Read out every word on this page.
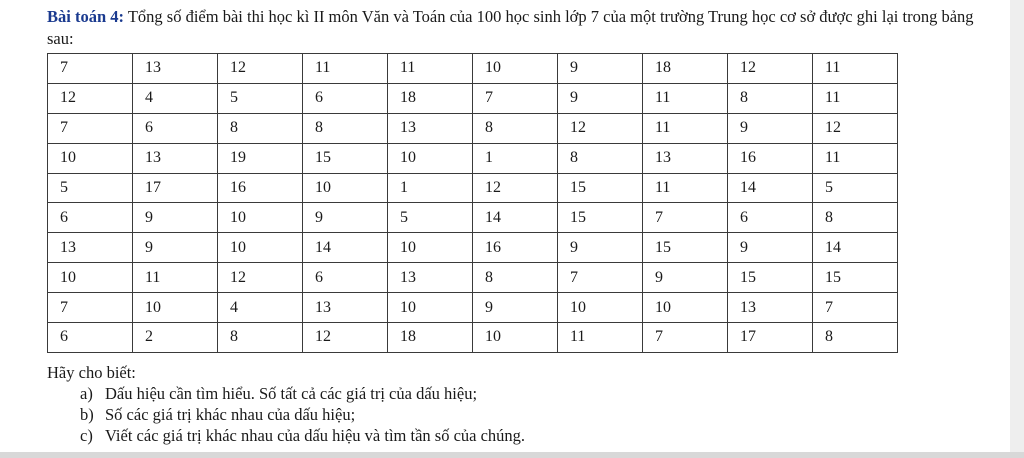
Bài toán 4: Tổng số điểm bài thi học kì II môn Văn và Toán của 100 học sinh lớp 7 của một trường Trung học cơ sở được ghi lại trong bảng sau:
7	13	12	11	11	10	9	18	12	11
12	4	5	6	18	7	9	11	8	11
7	6	8	8	13	8	12	11	9	12
10	13	19	15	10	1	8	13	16	11
5	17	16	10	1	12	15	11	14	5
6	9	10	9	5	14	15	7	6	8
13	9	10	14	10	16	9	15	9	14
10	11	12	6	13	8	7	9	15	15
7	10	4	13	10	9	10	10	13	7
6	2	8	12	18	10	11	7	17	8
Hãy cho biết:
a) Dấu hiệu cần tìm hiểu. Số tất cả các giá trị của dấu hiệu;
b) Số các giá trị khác nhau của dấu hiệu;
c) Viết các giá trị khác nhau của dấu hiệu và tìm tần số của chúng.
